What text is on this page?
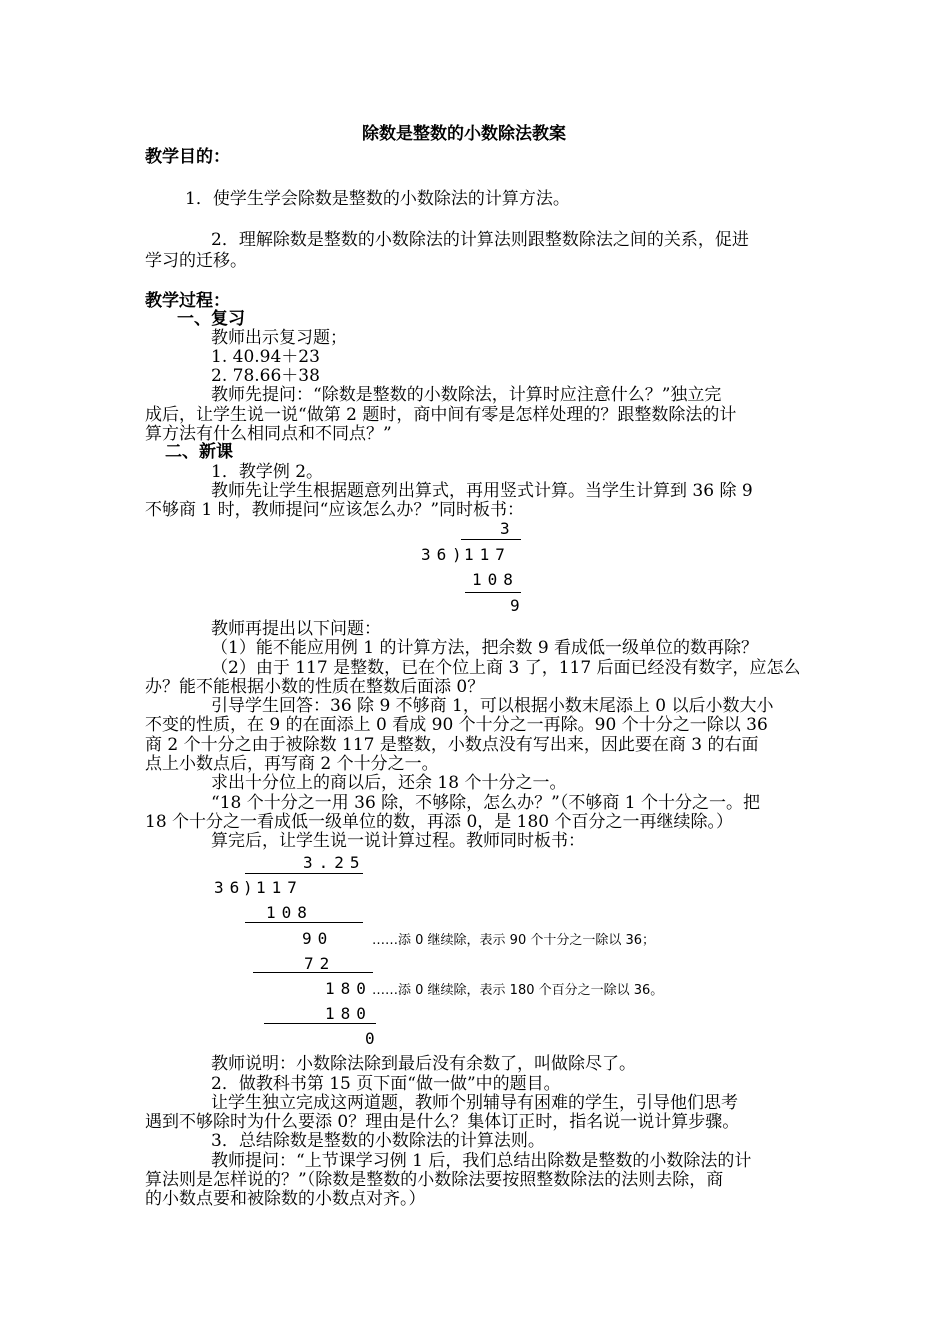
除数是整数的小数除法教案
教学目的：
1．使学生学会除数是整数的小数除法的计算方法。
2．理解除数是整数的小数除法的计算法则跟整数除法之间的关系，促进
学习的迁移。
教学过程：
一、复习
教师出示复习题；
1. 40.94＋23
2. 78.66＋38
教师先提问：“除数是整数的小数除法，计算时应注意什么？”独立完
成后，让学生说一说“做第 2 题时，商中间有零是怎样处理的？跟整数除法的计
算方法有什么相同点和不同点？”
二、新课
1．教学例 2。
教师先让学生根据题意列出算式，再用竖式计算。当学生计算到 36 除 9
不够商 1 时，教师提问“应该怎么办？”同时板书：
3
36 )
117
108
9
教师再提出以下问题：
（1）能不能应用例 1 的计算方法，把余数 9 看成低一级单位的数再除？
（2）由于 117 是整数，已在个位上商 3 了，117 后面已经没有数字，应怎么
办？能不能根据小数的性质在整数后面添 0？
引导学生回答：36 除 9 不够商 1，可以根据小数末尾添上 0 以后小数大小
不变的性质，在 9 的在面添上 0 看成 90 个十分之一再除。90 个十分之一除以 36
商 2 个十分之由于被除数 117 是整数，小数点没有写出来，因此要在商 3 的右面
点上小数点后，再写商 2 个十分之一。
求出十分位上的商以后，还余 18 个十分之一。
“18 个十分之一用 36 除，不够除，怎么办？”（不够商 1 个十分之一。把
18 个十分之一看成低一级单位的数，再添 0，是 180 个百分之一再继续除。）
算完后，让学生说一说计算过程。教师同时板书：
3.25
36
)
117
108
90	……添 0 继续除，表示 90 个十分之一除以 36；
72
180 ……添 0 继续除，表示 180 个百分之一除以 36。
180
0
教师说明：小数除法除到最后没有余数了，叫做除尽了。
2．做教科书第 15 页下面“做一做”中的题目。
让学生独立完成这两道题，教师个别辅导有困难的学生，引导他们思考
遇到不够除时为什么要添 0？理由是什么？集体订正时，指名说一说计算步骤。
3．总结除数是整数的小数除法的计算法则。
教师提问：“上节课学习例 1 后，我们总结出除数是整数的小数除法的计
算法则是怎样说的？”（除数是整数的小数除法要按照整数除法的法则去除，商
的小数点要和被除数的小数点对齐。）
